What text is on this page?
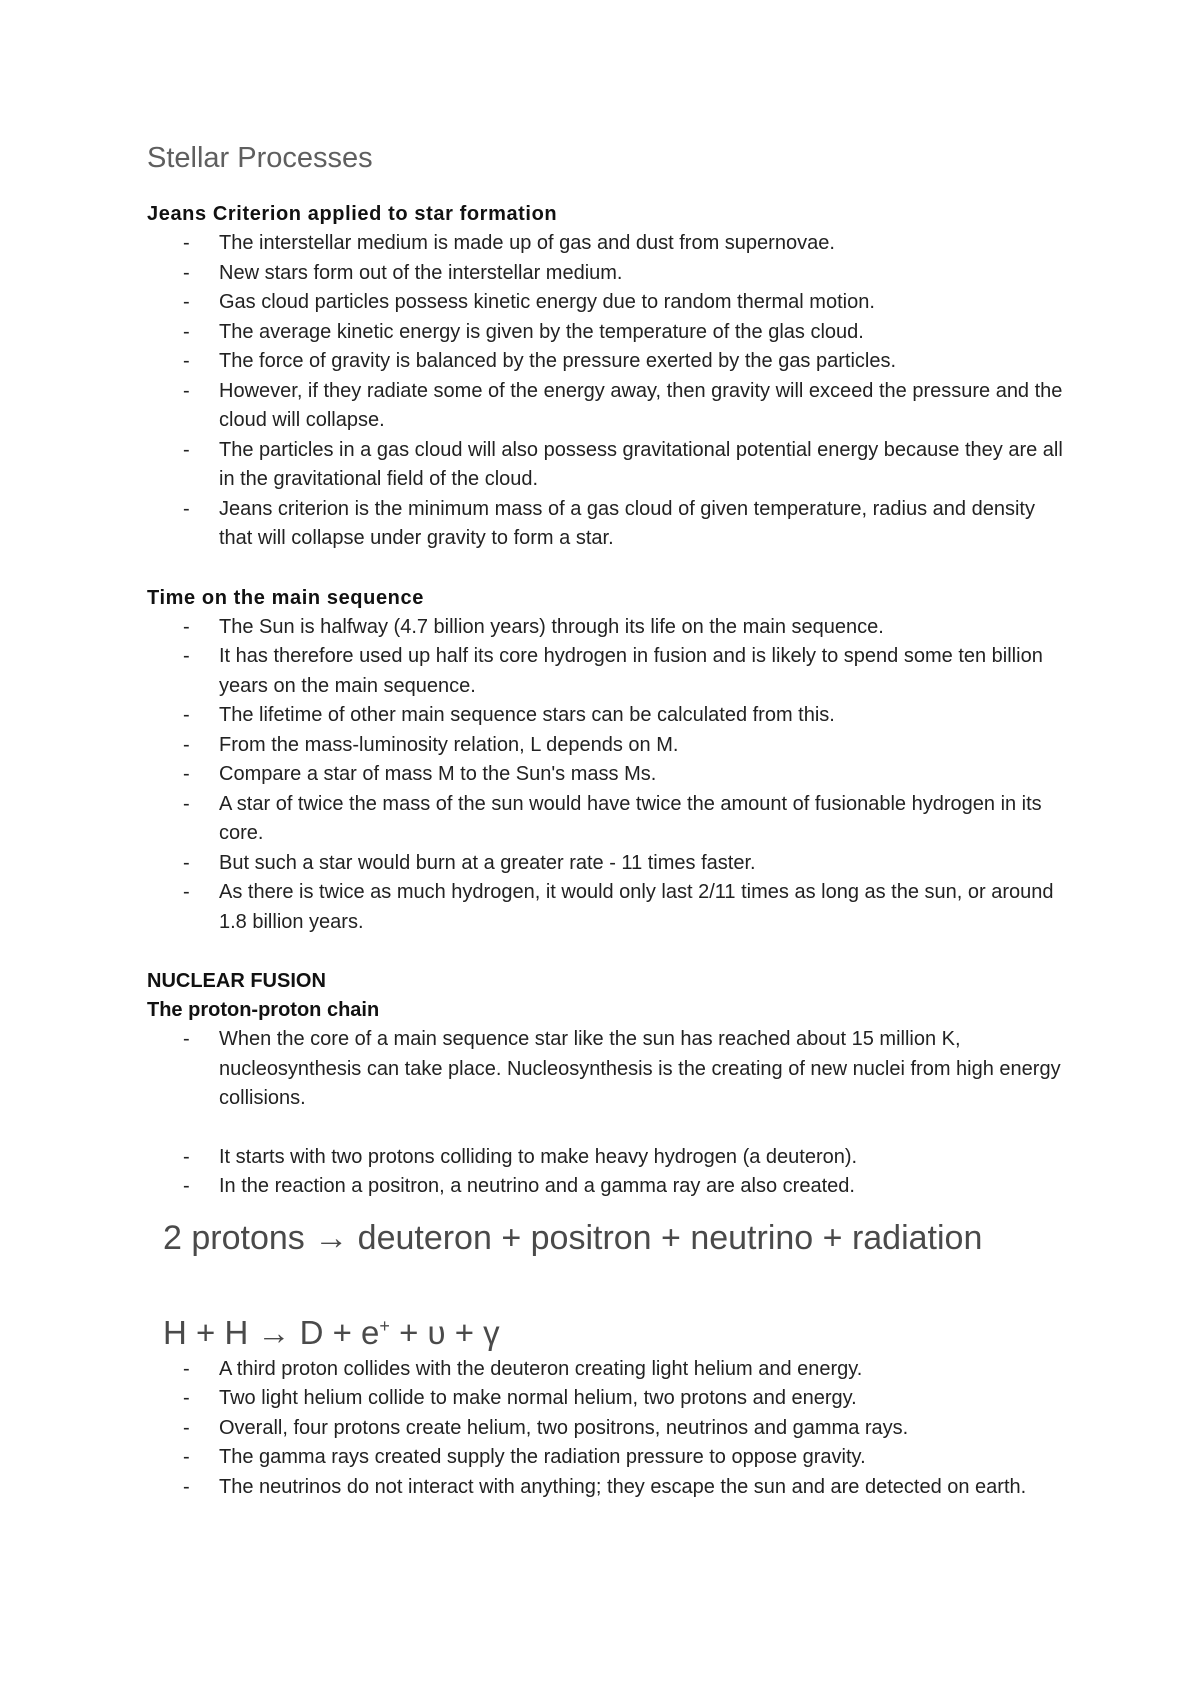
Stellar Processes
Jeans Criterion applied to star formation
- The interstellar medium is made up of gas and dust from supernovae.
- New stars form out of the interstellar medium.
- Gas cloud particles possess kinetic energy due to random thermal motion.
- The average kinetic energy is given by the temperature of the glas cloud.
- The force of gravity is balanced by the pressure exerted by the gas particles.
- However, if they radiate some of the energy away, then gravity will exceed the pressure and the cloud will collapse.
- The particles in a gas cloud will also possess gravitational potential energy because they are all in the gravitational field of the cloud.
- Jeans criterion is the minimum mass of a gas cloud of given temperature, radius and density that will collapse under gravity to form a star.
Time on the main sequence
- The Sun is halfway (4.7 billion years) through its life on the main sequence.
- It has therefore used up half its core hydrogen in fusion and is likely to spend some ten billion years on the main sequence.
- The lifetime of other main sequence stars can be calculated from this.
- From the mass-luminosity relation, L depends on M.
- Compare a star of mass M to the Sun's mass Ms.
- A star of twice the mass of the sun would have twice the amount of fusionable hydrogen in its core.
- But such a star would burn at a greater rate - 11 times faster.
- As there is twice as much hydrogen, it would only last 2/11 times as long as the sun, or around 1.8 billion years.
NUCLEAR FUSION
The proton-proton chain
- When the core of a main sequence star like the sun has reached about 15 million K, nucleosynthesis can take place. Nucleosynthesis is the creating of new nuclei from high energy collisions.
- It starts with two protons colliding to make heavy hydrogen (a deuteron).
- In the reaction a positron, a neutrino and a gamma ray are also created.

2 protons → deuteron + positron + neutrino + radiation

H + H → D + e+ + υ + γ

- A third proton collides with the deuteron creating light helium and energy.
- Two light helium collide to make normal helium, two protons and energy.
- Overall, four protons create helium, two positrons, neutrinos and gamma rays.
- The gamma rays created supply the radiation pressure to oppose gravity.
- The neutrinos do not interact with anything; they escape the sun and are detected on earth.
